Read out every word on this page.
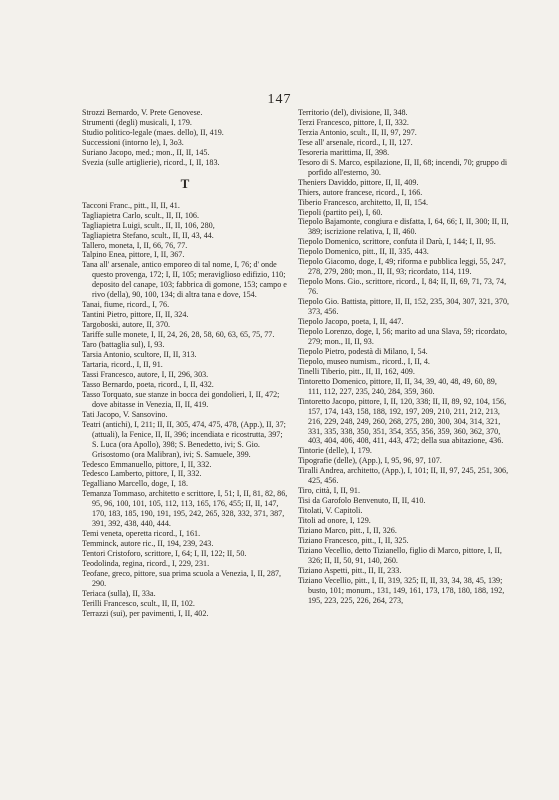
147
Strozzi Bernardo, V. Prete Genovese.
Strumenti (degli) musicali, I, 179.
Studio politico-legale (maes. dello), II, 419.
Successioni (intorno le), I, 3o3.
Suriano Jacopo, med.; mon., II, II, 145.
Svezia (sulle artiglierie), ricord., I, II, 183.
T
Tacconi Franc., pitt., II, II, 41.
Tagliapietra Carlo, scult., II, II, 106.
Tagliapietra Luigi, scult., II, II, 106, 280,
Tagliapietra Stefano, scult., II, II, 43, 44.
Tallero, moneta, I, II, 66, 76, 77.
Talpino Enea, pittore, I, II, 367.
Tana all' arsenale, antico emporeo di tal nome, I, 76; d' onde questo provenga, 172; I, II, 105; meraviglioso edifizio, 110; deposito del canape, 103; fabbrica di gomone, 153; campo e rivo (della), 90, 100, 134; di altra tana e dove, 154.
Tanai, fiume, ricord., I, 76.
Tantini Pietro, pittore, II, II, 324.
Targoboski, autore, II, 370.
Tariffe sulle monete, I, II, 24, 26, 28, 58, 60, 63, 65, 75, 77.
Taro (battaglia sul), I, 93.
Tarsia Antonio, scultore, II, II, 313.
Tartaria, ricord., I, II, 91.
Tassi Francesco, autore, I, II, 296, 303.
Tasso Bernardo, poeta, ricord., I, II, 432.
Tasso Torquato, sue stanze in bocca dei gondolieri, I, II, 472; dove abitasse in Venezia, II, II, 419.
Tati Jacopo, V. Sansovino.
Teatri (antichi), I, 211; II, II, 305, 474, 475, 478, (App.), II, 37; (attuali), la Fenice, II, II, 396; incendiata e ricostrutta, 397; S. Luca (ora Apollo), 398; S. Benedetto, ivi; S. Gio. Grisostomo (ora Malibran), ivi; S. Samuele, 399.
Tedesco Emmanuello, pittore, I, II, 332.
Tedesco Lamberto, pittore, I, II, 332.
Tegalliano Marcello, doge, I, 18.
Temanza Tommaso, architetto e scrittore, I, 51; I, II, 81, 82, 86, 95, 96, 100, 101, 105, 112, 113, 165, 176, 455; II, II, 147, 170, 183, 185, 190, 191, 195, 242, 265, 328, 332, 371, 387, 391, 392, 438, 440, 444.
Temi veneta, operetta ricord., I, 161.
Temminck, autore ric., II, 194, 239, 243.
Tentori Cristoforo, scrittore, I, 64; I, II, 122; II, 50.
Teodolinda, regina, ricord., I, 229, 231.
Teofane, greco, pittore, sua prima scuola a Venezia, I, II, 287, 290.
Teriaca (sulla), II, 33a.
Terilli Francesco, scult., II, II, 102.
Terrazzi (sui), per pavimenti, I, II, 402.
Territorio (del), divisione, II, 348.
Terzi Francesco, pittore, I, II, 332.
Terzia Antonio, scult., II, II, 97, 297.
Tese all' arsenale, ricord., I, II, 127.
Tesoreria marittima, II, 398.
Tesoro di S. Marco, espilazione, II, II, 68; incendi, 70; gruppo di porfido all'esterno, 30.
Theniers Daviddo, pittore, II, II, 409.
Thiers, autore francese, ricord., I, 166.
Tiberio Francesco, architetto, II, II, 154.
Tiepoli (partito pei), I, 60.
Tiepolo Bajamonte, congiura e disfatta, I, 64, 66; I, II, 300; II, II, 389; iscrizione relativa, I, II, 460.
Tiepolo Domenico, scrittore, confuta il Darù, I, 144; I, II, 95.
Tiepolo Domenico, pitt., II, II, 335, 443.
Tiepolo Giacomo, doge, I, 49; riforma e pubblica leggi, 55, 247, 278, 279, 280; mon., II, II, 93; ricordato, 114, 119.
Tiepolo Mons. Gio., scrittore, ricord., I, 84; II, II, 69, 71, 73, 74, 76.
Tiepolo Gio. Battista, pittore, II, II, 152, 235, 304, 307, 321, 370, 373, 456.
Tiepolo Jacopo, poeta, I, II, 447.
Tiepolo Lorenzo, doge, I, 56; marito ad una Slava, 59; ricordato, 279; mon., II, II, 93.
Tiepolo Pietro, podestà di Milano, I, 54.
Tiepolo, museo numism., ricord., I, II, 4.
Tinelli Tiberio, pitt., II, II, 162, 409.
Tintoretto Domenico, pittore, II, II, 34, 39, 40, 48, 49, 60, 89, 111, 112, 227, 235, 240, 284, 359, 360.
Tintoretto Jacopo, pittore, I, II, 120, 338; II, II, 89, 92, 104, 156, 157, 174, 143, 158, 188, 192, 197, 209, 210, 211, 212, 213, 216, 229, 248, 249, 260, 268, 275, 280, 300, 304, 314, 321, 331, 335, 338, 350, 351, 354, 355, 356, 359, 360, 362, 370, 403, 404, 406, 408, 411, 443, 472; della sua abitazione, 436.
Tintorie (delle), I, 179.
Tipografie (delle), (App.), I, 95, 96, 97, 107.
Tiralli Andrea, architetto, (App.), I, 101; II, II, 97, 245, 251, 306, 425, 456.
Tiro, città, I, II, 91.
Tisi da Garofolo Benvenuto, II, II, 410.
Titolati, V. Capitoli.
Titoli ad onore, I, 129.
Tiziano Marco, pitt., I, II, 326.
Tiziano Francesco, pitt., I, II, 325.
Tiziano Vecellio, detto Tizianello, figlio di Marco, pittore, I, II, 326; II, II, 50, 91, 140, 260.
Tiziano Aspetti, pitt., II, II, 233.
Tiziano Vecellio, pitt., I, II, 319, 325; II, II, 33, 34, 38, 45, 139; busto, 101; monum., 131, 149, 161, 173, 178, 180, 188, 192, 195, 223, 225, 226, 264, 273,
